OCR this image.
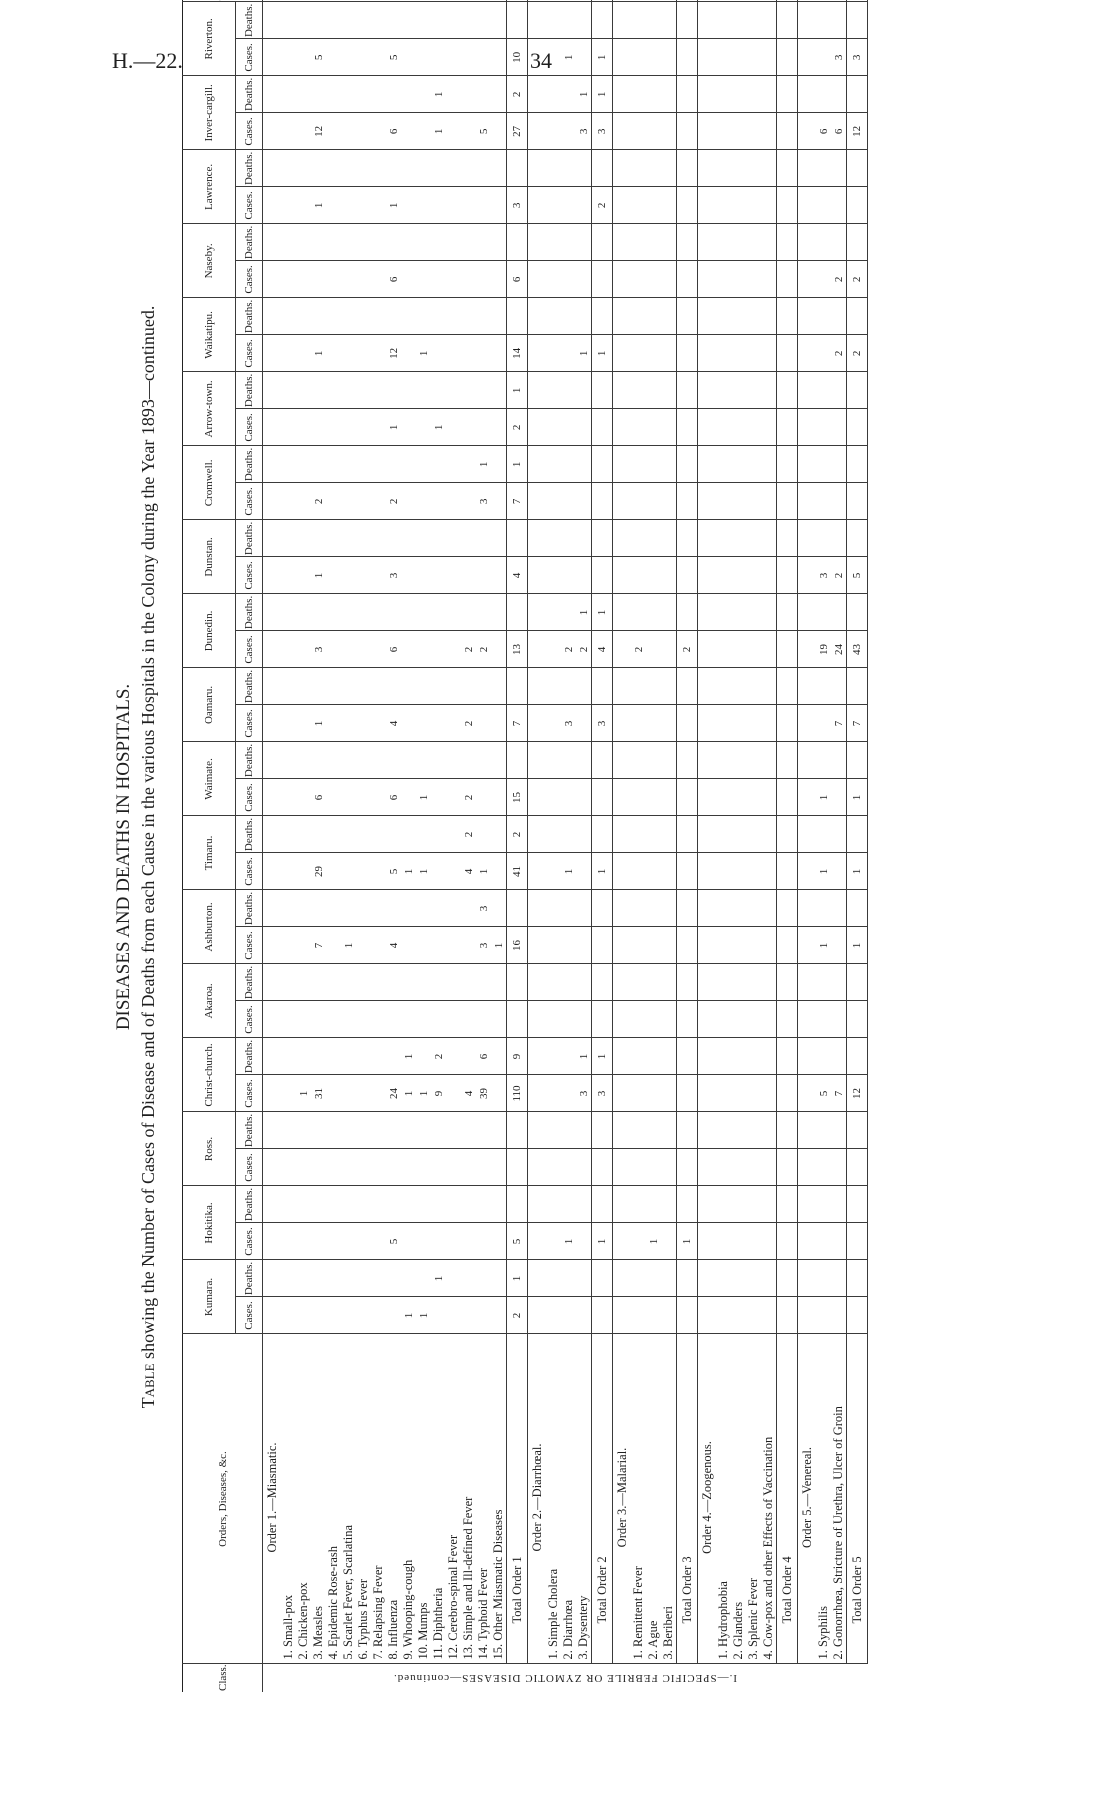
H.—22.	34
DISEASES AND DEATHS IN HOSPITALS.
Table showing the Number of Cases of Disease and of Deaths from each Cause in the various Hospitals in the Colony during the Year 1893—continued.
Class.	Orders, Diseases, &c.	Kumara.		Hokitika.		Ross.		Christ-church.		Akaroa.		Ashburton.		Timaru.		Waimate.		Oamaru.		Dunedin.		Dunstan.		Cromwell.		Arrow-town.		Waikatipu.		Naseby.		Lawrence.		Inver-cargill.		Riverton.		
		Cases.	Deaths.	Cases.	Deaths.	Cases.	Deaths.	Cases.	Deaths.	Cases.	Deaths.	Cases.	Deaths.	Cases.	Deaths.	Cases.	Deaths.	Cases.	Deaths.	Cases.	Deaths.	Cases.	Deaths.	Cases.	Deaths.	Cases.	Deaths.	Cases.	Deaths.	Cases.	Deaths.	Cases.	Deaths.	Cases.	Deaths.	Cases.	Deaths.		
I.—SPECIFIC FEBRILE OR ZYMOTIC DISEASES—continued.	Order 1.—Miasmatic.																																						
	1. Small-pox																																						
	2. Chicken-pox							1																															
	3. Measles							31				7		29		6		1		3		1		2				1				1		12		5			
	4. Epidemic Rose-rash																																						
	5. Scarlet Fever, Scarlatina											1																											
	6. Typhus Fever																																						
	7. Relapsing Fever																																						
	8. Influenza			5				24				4		5		6		4		6		3		2		1		12		6		1		6		5			
	9. Whooping-cough	1						1	1					1																									
	10. Mumps	1						1						1		1												1											
	11. Diphtheria		1					9	2																	1								1	1				
	12. Cerebro-spinal Fever																																						
	13. Simple and Ill-defined Fever							4						4	2	2		2		2																			
	14. Typhoid Fever							39	6			3	3	1						2				3	1									5					
	15. Other Miasmatic Diseases											1																											
	Total Order 1	2	1	5				110	9			16		41	2	15		7		13		4		7	1	2	1	14		6		3		27	2	10			
	Order 2.—Diarrhœal.																																						
	1. Simple Cholera																																						
	2. Diarrhœa			1										1				3		2																1			
	3. Dysentery							3	1											2	1							1						3	1				
	Total Order 2			1				3	1					1				3		4	1							1				2		3	1	1			
	Order 3.—Malarial.																																						
	1. Remittent Fever																			2																			
	2. Ague			1																																			
	3. Beriberi																																						
	Total Order 3			1																2																			
	Order 4.—Zoogenous.																																						
	1. Hydrophobia																																						
	2. Glanders																																						
	3. Splenic Fever																																						
	4. Cow-pox and other Effects of Vaccination																																						
	Total Order 4																																						
	Order 5.—Venereal.																																						
	1. Syphilis							5				1		1		1				19		3												6					
	2. Gonorrhœa, Stricture of Urethra, Ulcer of Groin							7										7		24		2						2		2				6		3			
	Total Order 5							12				1		1		1		7		43		5						2		2				12		3			
